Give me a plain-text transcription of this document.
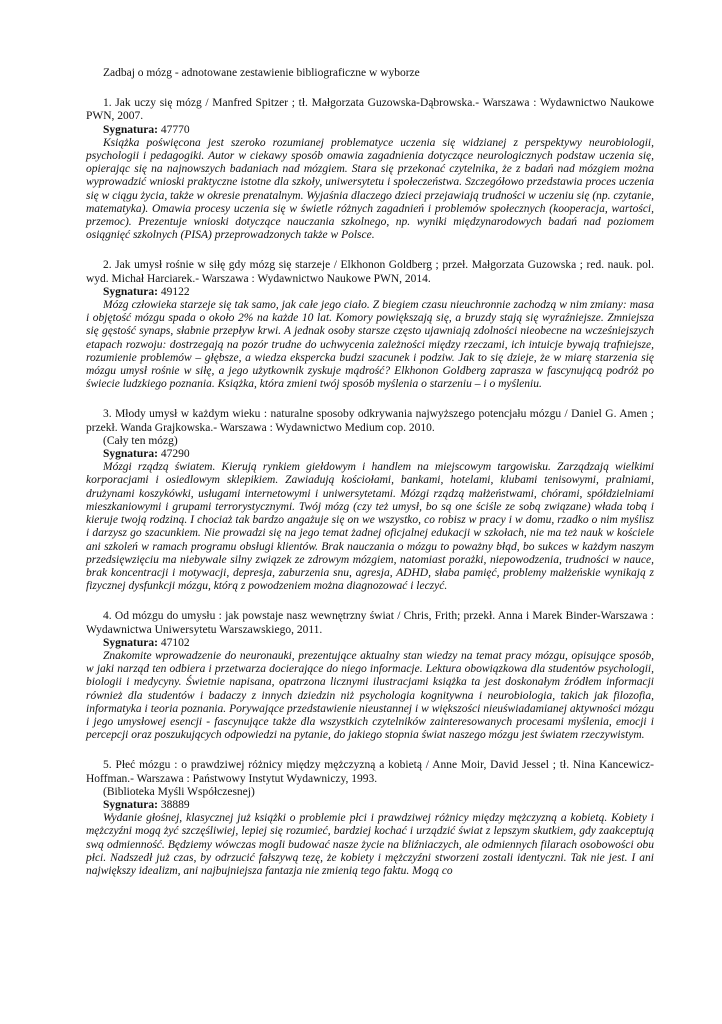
Zadbaj o mózg - adnotowane zestawienie bibliograficzne w wyborze

1. Jak uczy się mózg / Manfred Spitzer ; tł. Małgorzata Guzowska-Dąbrowska.- Warszawa : Wydawnictwo Naukowe PWN, 2007.

Sygnatura: 47770

Książka poświęcona jest szeroko rozumianej problematyce uczenia się widzianej z perspektywy neurobiologii, psychologii i pedagogiki. Autor w ciekawy sposób omawia zagadnienia dotyczące neurologicznych podstaw uczenia się, opierając się na najnowszych badaniach nad mózgiem. Stara się przekonać czytelnika, że z badań nad mózgiem można wyprowadzić wnioski praktyczne istotne dla szkoły, uniwersytetu i społeczeństwa. Szczegółowo przedstawia proces uczenia się w ciągu życia, także w okresie prenatalnym. Wyjaśnia dlaczego dzieci przejawiają trudności w uczeniu się (np. czytanie, matematyka). Omawia procesy uczenia się w świetle różnych zagadnień i problemów społecznych (kooperacja, wartości, przemoc). Prezentuje wnioski dotyczące nauczania szkolnego, np. wyniki międzynarodowych badań nad poziomem osiągnięć szkolnych (PISA) przeprowadzonych także w Polsce.

2. Jak umysł rośnie w siłę gdy mózg się starzeje / Elkhonon Goldberg ; przeł. Małgorzata Guzowska ; red. nauk. pol. wyd. Michał Harciarek.- Warszawa : Wydawnictwo Naukowe PWN, 2014.

Sygnatura: 49122

Mózg człowieka starzeje się tak samo, jak całe jego ciało. Z biegiem czasu nieuchronnie zachodzą w nim zmiany: masa i objętość mózgu spada o około 2% na każde 10 lat. Komory powiększają się, a bruzdy stają się wyraźniejsze. Zmniejsza się gęstość synaps, słabnie przepływ krwi. A jednak osoby starsze często ujawniają zdolności nieobecne na wcześniejszych etapach rozwoju: dostrzegają na pozór trudne do uchwycenia zależności między rzeczami, ich intuicje bywają trafniejsze, rozumienie problemów – głębsze, a wiedza ekspercka budzi szacunek i podziw. Jak to się dzieje, że w miarę starzenia się mózgu umysł rośnie w siłę, a jego użytkownik zyskuje mądrość? Elkhonon Goldberg zaprasza w fascynującą podróż po świecie ludzkiego poznania. Książka, która zmieni twój sposób myślenia o starzeniu – i o myśleniu.

3. Młody umysł w każdym wieku : naturalne sposoby odkrywania najwyższego potencjału mózgu / Daniel G. Amen ; przekł. Wanda Grajkowska.- Warszawa : Wydawnictwo Medium cop. 2010.

(Cały ten mózg)

Sygnatura: 47290

Mózgi rządzą światem. Kierują rynkiem giełdowym i handlem na miejscowym targowisku. Zarządzają wielkimi korporacjami i osiedlowym sklepikiem. Zawiadują kościołami, bankami, hotelami, klubami tenisowymi, pralniami, drużynami koszykówki, usługami internetowymi i uniwersytetami. Mózgi rządzą małżeństwami, chórami, spółdzielniami mieszkaniowymi i grupami terrorystycznymi. Twój mózg (czy też umysł, bo są one ściśle ze sobą związane) włada tobą i kieruje twoją rodziną. I chociaż tak bardzo angażuje się on we wszystko, co robisz w pracy i w domu, rzadko o nim myślisz i darzysz go szacunkiem. Nie prowadzi się na jego temat żadnej oficjalnej edukacji w szkołach, nie ma też nauk w kościele ani szkoleń w ramach programu obsługi klientów. Brak nauczania o mózgu to poważny błąd, bo sukces w każdym naszym przedsięwzięciu ma niebywale silny związek ze zdrowym mózgiem, natomiast porażki, niepowodzenia, trudności w nauce, brak koncentracji i motywacji, depresja, zaburzenia snu, agresja, ADHD, słaba pamięć, problemy małżeńskie wynikają z fizycznej dysfunkcji mózgu, którą z powodzeniem można diagnozować i leczyć.

4. Od mózgu do umysłu : jak powstaje nasz wewnętrzny świat / Chris, Frith; przekł. Anna i Marek Binder-Warszawa : Wydawnictwa Uniwersytetu Warszawskiego, 2011.

Sygnatura: 47102

Znakomite wprowadzenie do neuronauki, prezentujące aktualny stan wiedzy na temat pracy mózgu, opisujące sposób, w jaki narząd ten odbiera i przetwarza docierające do niego informacje. Lektura obowiązkowa dla studentów psychologii, biologii i medycyny. Świetnie napisana, opatrzona licznymi ilustracjami książka ta jest doskonałym źródłem informacji również dla studentów i badaczy z innych dziedzin niż psychologia kognitywna i neurobiologia, takich jak filozofia, informatyka i teoria poznania. Porywające przedstawienie nieustannej i w większości nieuświadamianej aktywności mózgu i jego umysłowej esencji - fascynujące także dla wszystkich czytelników zainteresowanych procesami myślenia, emocji i percepcji oraz poszukujących odpowiedzi na pytanie, do jakiego stopnia świat naszego mózgu jest światem rzeczywistym.

5. Płeć mózgu : o prawdziwej różnicy między mężczyzną a kobietą / Anne Moir, David Jessel ; tł. Nina Kancewicz-Hoffman.- Warszawa : Państwowy Instytut Wydawniczy, 1993.

(Biblioteka Myśli Współczesnej)

Sygnatura: 38889

Wydanie głośnej, klasycznej już książki o problemie płci i prawdziwej różnicy między mężczyzną a kobietą. Kobiety i mężczyźni mogą żyć szczęśliwiej, lepiej się rozumieć, bardziej kochać i urządzić świat z lepszym skutkiem, gdy zaakceptują swą odmienność. Będziemy wówczas mogli budować nasze życie na bliźniaczych, ale odmiennych filarach osobowości obu płci. Nadszedł już czas, by odrzucić fałszywą tezę, że kobiety i mężczyźni stworzeni zostali identyczni. Tak nie jest. I ani największy idealizm, ani najbujniejsza fantazja nie zmienią tego faktu. Mogą co
